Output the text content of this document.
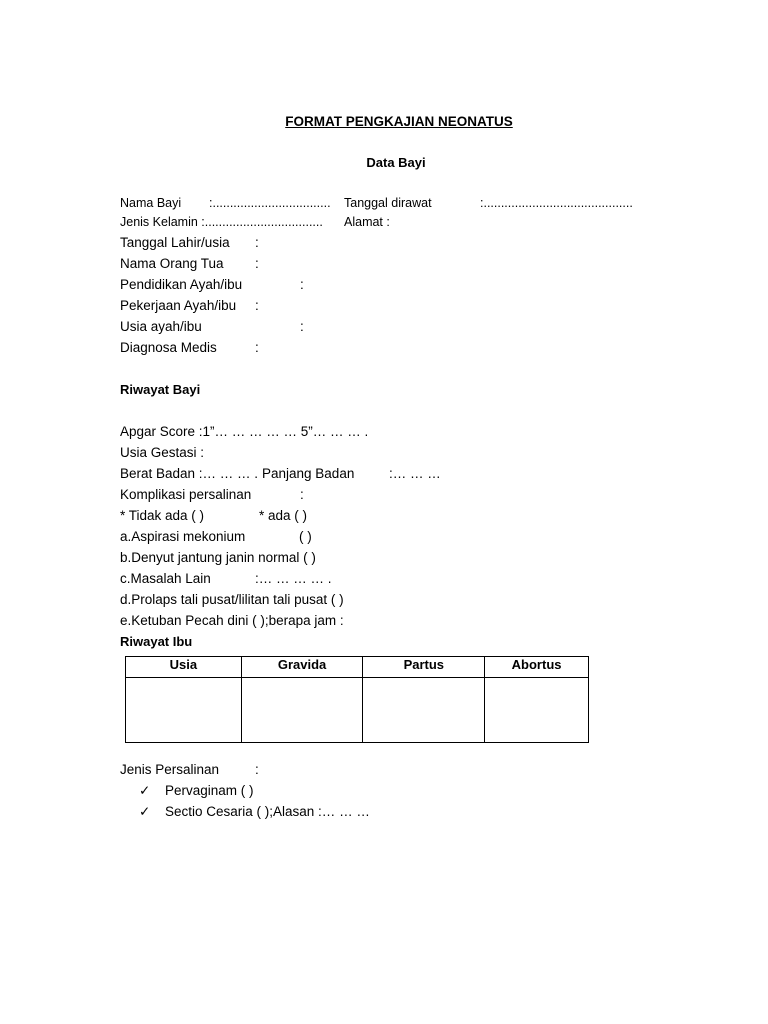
FORMAT PENGKAJIAN NEONATUS
Data Bayi
Nama Bayi :.................................. Tanggal dirawat	:...........................................
Jenis Kelamin :.................................. Alamat :
Tanggal Lahir/usia :
Nama Orang Tua :
Pendidikan Ayah/ibu	:
Pekerjaan Ayah/ibu :
Usia ayah/ibu	:
Diagnosa Medis	:
Riwayat Bayi
Apgar Score :1”… … … … … 5”… … … .
Usia Gestasi :
Berat Badan :… … … . Panjang Badan	:… … …
Komplikasi persalinan	:
* Tidak ada ( )	* ada ( )
a.Aspirasi mekonium	( )
b.Denyut jantung janin normal ( )
c.Masalah Lain	:… … … … .
d.Prolaps tali pusat/lilitan tali pusat ( )
e.Ketuban Pecah dini ( );berapa jam :
Riwayat Ibu
Usia	Gravida	Partus	Abortus

Jenis Persalinan	:
✓ Pervaginam ( )
✓ Sectio Cesaria ( );Alasan :… … …
